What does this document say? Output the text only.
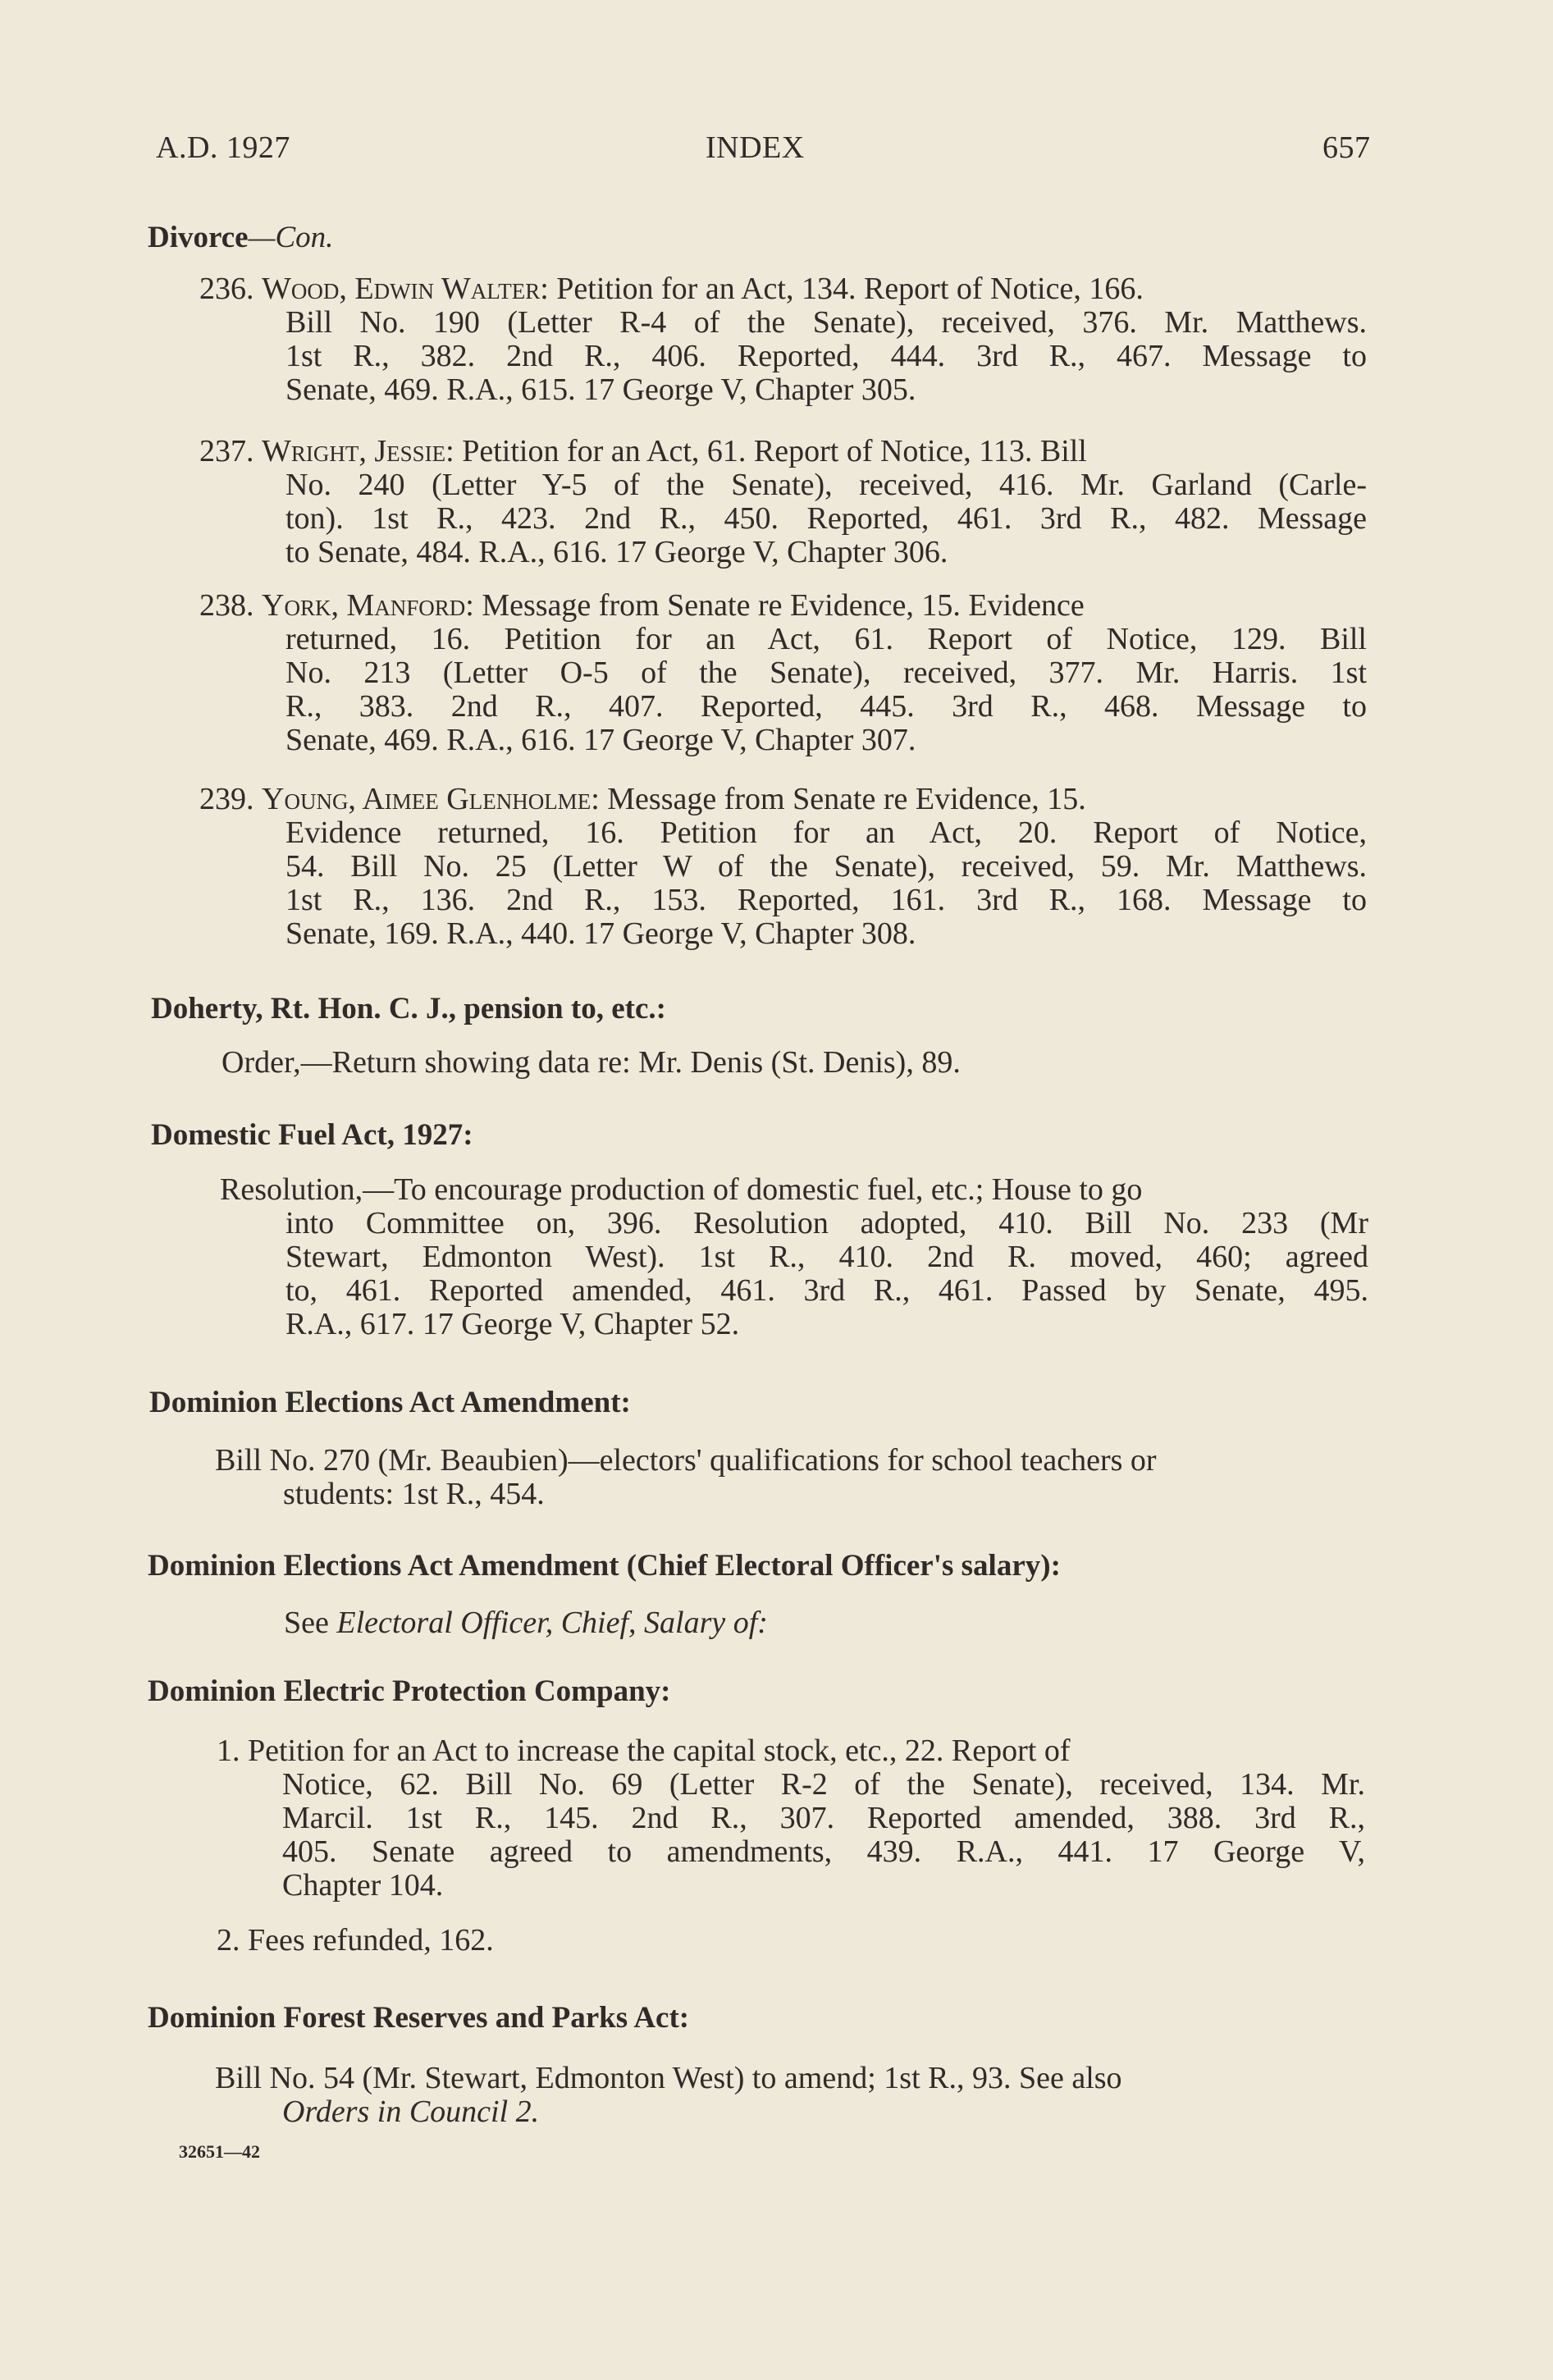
A.D. 1927	INDEX	657
Divorce—Con.
236. Wood, Edwin Walter: Petition for an Act, 134. Report of Notice, 166.
Bill No. 190 (Letter R-4 of the Senate), received, 376. Mr. Matthews.
1st R., 382. 2nd R., 406. Reported, 444. 3rd R., 467. Message to
Senate, 469. R.A., 615. 17 George V, Chapter 305.
237. Wright, Jessie: Petition for an Act, 61. Report of Notice, 113. Bill
No. 240 (Letter Y-5 of the Senate), received, 416. Mr. Garland (Carle-
ton). 1st R., 423. 2nd R., 450. Reported, 461. 3rd R., 482. Message
to Senate, 484. R.A., 616. 17 George V, Chapter 306.
238. York, Manford: Message from Senate re Evidence, 15. Evidence
returned, 16. Petition for an Act, 61. Report of Notice, 129. Bill
No. 213 (Letter O-5 of the Senate), received, 377. Mr. Harris. 1st
R., 383. 2nd R., 407. Reported, 445. 3rd R., 468. Message to
Senate, 469. R.A., 616. 17 George V, Chapter 307.
239. Young, Aimee Glenholme: Message from Senate re Evidence, 15.
Evidence returned, 16. Petition for an Act, 20. Report of Notice,
54. Bill No. 25 (Letter W of the Senate), received, 59. Mr. Matthews.
1st R., 136. 2nd R., 153. Reported, 161. 3rd R., 168. Message to
Senate, 169. R.A., 440. 17 George V, Chapter 308.
Doherty, Rt. Hon. C. J., pension to, etc.:
Order,—Return showing data re: Mr. Denis (St. Denis), 89.
Domestic Fuel Act, 1927:
Resolution,—To encourage production of domestic fuel, etc.; House to go
into Committee on, 396. Resolution adopted, 410. Bill No. 233 (Mr
Stewart, Edmonton West). 1st R., 410. 2nd R. moved, 460; agreed
to, 461. Reported amended, 461. 3rd R., 461. Passed by Senate, 495.
R.A., 617. 17 George V, Chapter 52.
Dominion Elections Act Amendment:
Bill No. 270 (Mr. Beaubien)—electors' qualifications for school teachers or
students: 1st R., 454.
Dominion Elections Act Amendment (Chief Electoral Officer's salary):
See Electoral Officer, Chief, Salary of:
Dominion Electric Protection Company:
1. Petition for an Act to increase the capital stock, etc., 22. Report of
Notice, 62. Bill No. 69 (Letter R-2 of the Senate), received, 134. Mr.
Marcil. 1st R., 145. 2nd R., 307. Reported amended, 388. 3rd R.,
405. Senate agreed to amendments, 439. R.A., 441. 17 George V,
Chapter 104.
2. Fees refunded, 162.
Dominion Forest Reserves and Parks Act:
Bill No. 54 (Mr. Stewart, Edmonton West) to amend; 1st R., 93. See also
Orders in Council 2.
32651—42
